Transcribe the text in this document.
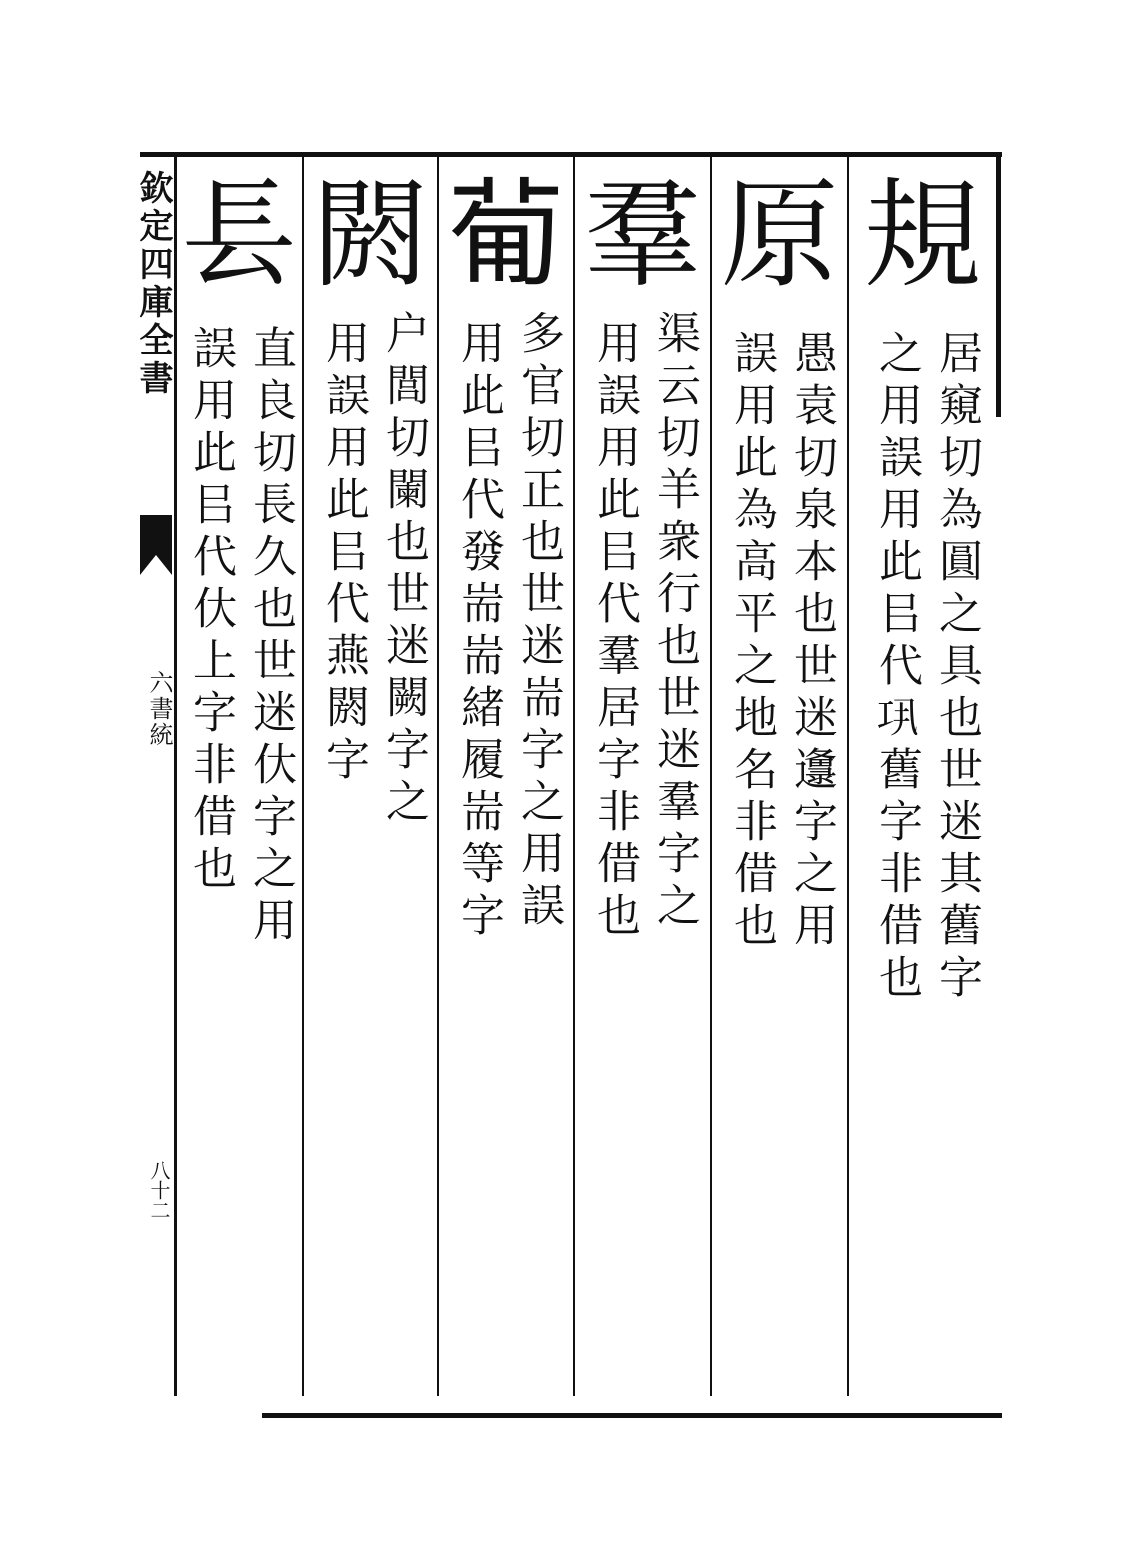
欽定四庫全書
六書統
八十二
規
居窺切為圓之具也世迷其舊字
之用誤用此㠯代𢀜舊字非借也
原
愚袁切泉本也世迷邍字之用
誤用此為高平之地名非借也
羣
渠云切羊衆行也世迷羣字之
用誤用此㠯代羣居字非借也
𤰈
多官切正也世迷耑字之用誤
用此㠯代發耑耑緒履耑等字
閼
户閭切闌也世迷闕字之
用誤用此㠯代燕閼字
镸
直良切長久也世迷㐲字之用
誤用此㠯代㐲上字非借也
